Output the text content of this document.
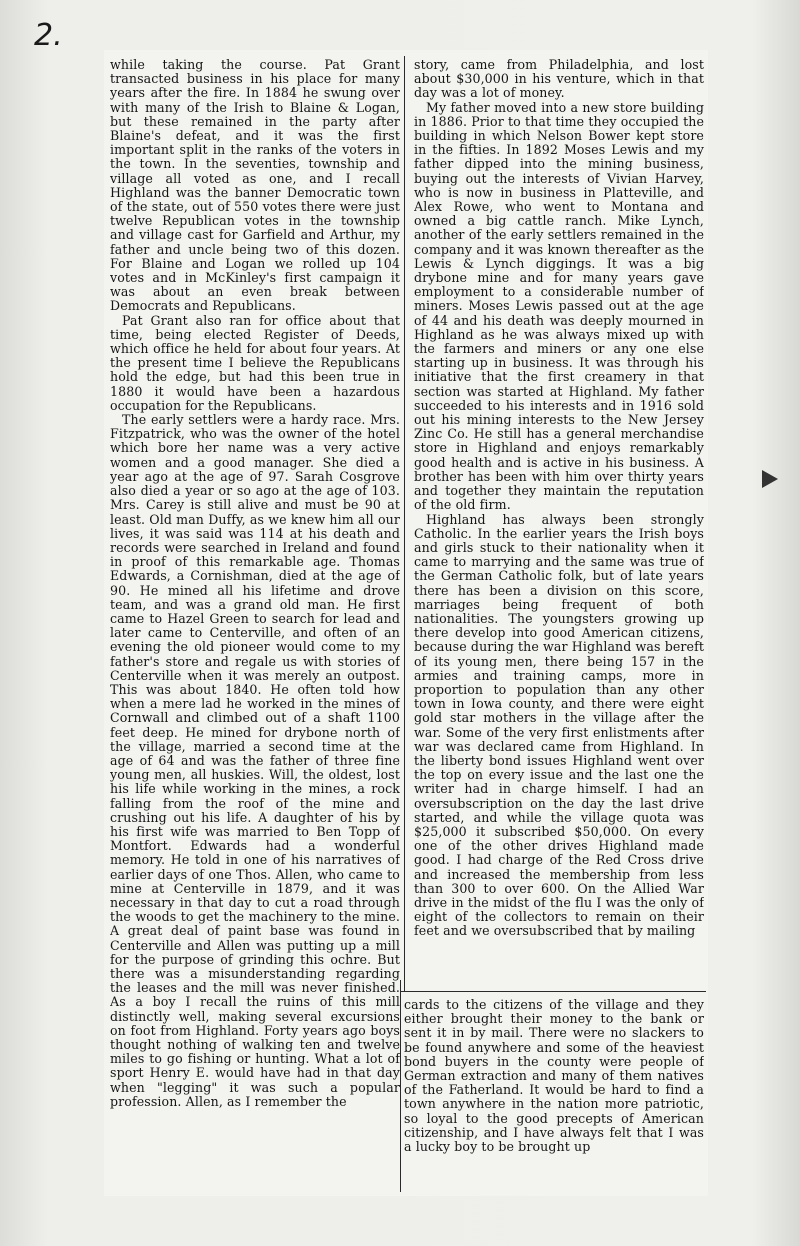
2.

while taking the course. Pat Grant transacted business in his place for many years after the fire. In 1884 he swung over with many of the Irish to Blaine & Logan, but these remained in the party after Blaine's defeat, and it was the first important split in the ranks of the voters in the town. In the seventies, township and village all voted as one, and I recall Highland was the banner Democratic town of the state, out of 550 votes there were just twelve Republican votes in the township and village cast for Garfield and Arthur, my father and uncle being two of this dozen. For Blaine and Logan we rolled up 104 votes and in McKinley's first campaign it was about an even break between Democrats and Republicans.

Pat Grant also ran for office about that time, being elected Register of Deeds, which office he held for about four years. At the present time I believe the Republicans hold the edge, but had this been true in 1880 it would have been a hazardous occupation for the Republicans.

The early settlers were a hardy race. Mrs. Fitzpatrick, who was the owner of the hotel which bore her name was a very active women and a good manager. She died a year ago at the age of 97. Sarah Cosgrove also died a year or so ago at the age of 103. Mrs. Carey is still alive and must be 90 at least. Old man Duffy, as we knew him all our lives, it was said was 114 at his death and records were searched in Ireland and found in proof of this remarkable age. Thomas Edwards, a Cornishman, died at the age of 90. He mined all his lifetime and drove team, and was a grand old man. He first came to Hazel Green to search for lead and later came to Centerville, and often of an evening the old pioneer would come to my father's store and regale us with stories of Centerville when it was merely an outpost. This was about 1840. He often told how when a mere lad he worked in the mines of Cornwall and climbed out of a shaft 1100 feet deep. He mined for drybone north of the village, married a second time at the age of 64 and was the father of three fine young men, all huskies. Will, the oldest, lost his life while working in the mines, a rock falling from the roof of the mine and crushing out his life. A daughter of his by his first wife was married to Ben Topp of Montfort. Edwards had a wonderful memory. He told in one of his narratives of earlier days of one Thos. Allen, who came to mine at Centerville in 1879, and it was necessary in that day to cut a road through the woods to get the machinery to the mine. A great deal of paint base was found in Centerville and Allen was putting up a mill for the purpose of grinding this ochre. But there was a misunderstanding regarding the leases and the mill was never finished. As a boy I recall the ruins of this mill distinctly well, making several excursions on foot from Highland. Forty years ago boys thought nothing of walking ten and twelve miles to go fishing or hunting. What a lot of sport Henry E. would have had in that day when "legging" it was such a popular profession. Allen, as I remember the

story, came from Philadelphia, and lost about $30,000 in his venture, which in that day was a lot of money.

My father moved into a new store building in 1886. Prior to that time they occupied the building in which Nelson Bower kept store in the fifties. In 1892 Moses Lewis and my father dipped into the mining business, buying out the interests of Vivian Harvey, who is now in business in Platteville, and Alex Rowe, who went to Montana and owned a big cattle ranch. Mike Lynch, another of the early settlers remained in the company and it was known thereafter as the Lewis & Lynch diggings. It was a big drybone mine and for many years gave employment to a considerable number of miners. Moses Lewis passed out at the age of 44 and his death was deeply mourned in Highland as he was always mixed up with the farmers and miners or any one else starting up in business. It was through his initiative that the first creamery in that section was started at Highland. My father succeeded to his interests and in 1916 sold out his mining interests to the New Jersey Zinc Co. He still has a general merchandise store in Highland and enjoys remarkably good health and is active in his business. A brother has been with him over thirty years and together they maintain the reputation of the old firm.

Highland has always been strongly Catholic. In the earlier years the Irish boys and girls stuck to their nationality when it came to marrying and the same was true of the German Catholic folk, but of late years there has been a division on this score, marriages being frequent of both nationalities. The youngsters growing up there develop into good American citizens, because during the war Highland was bereft of its young men, there being 157 in the armies and training camps, more in proportion to population than any other town in Iowa county, and there were eight gold star mothers in the village after the war. Some of the very first enlistments after war was declared came from Highland. In the liberty bond issues Highland went over the top on every issue and the last one the writer had in charge himself. I had an oversubscription on the day the last drive started, and while the village quota was $25,000 it subscribed $50,000. On every one of the other drives Highland made good. I had charge of the Red Cross drive and increased the membership from less than 300 to over 600. On the Allied War drive in the midst of the flu I was the only of eight of the collectors to remain on their feet and we oversubscribed that by mailing

cards to the citizens of the village and they either brought their money to the bank or sent it in by mail. There were no slackers to be found anywhere and some of the heaviest bond buyers in the county were people of German extraction and many of them natives of the Fatherland. It would be hard to find a town anywhere in the nation more patriotic, so loyal to the good precepts of American citizenship, and I have always felt that I was a lucky boy to be brought up
